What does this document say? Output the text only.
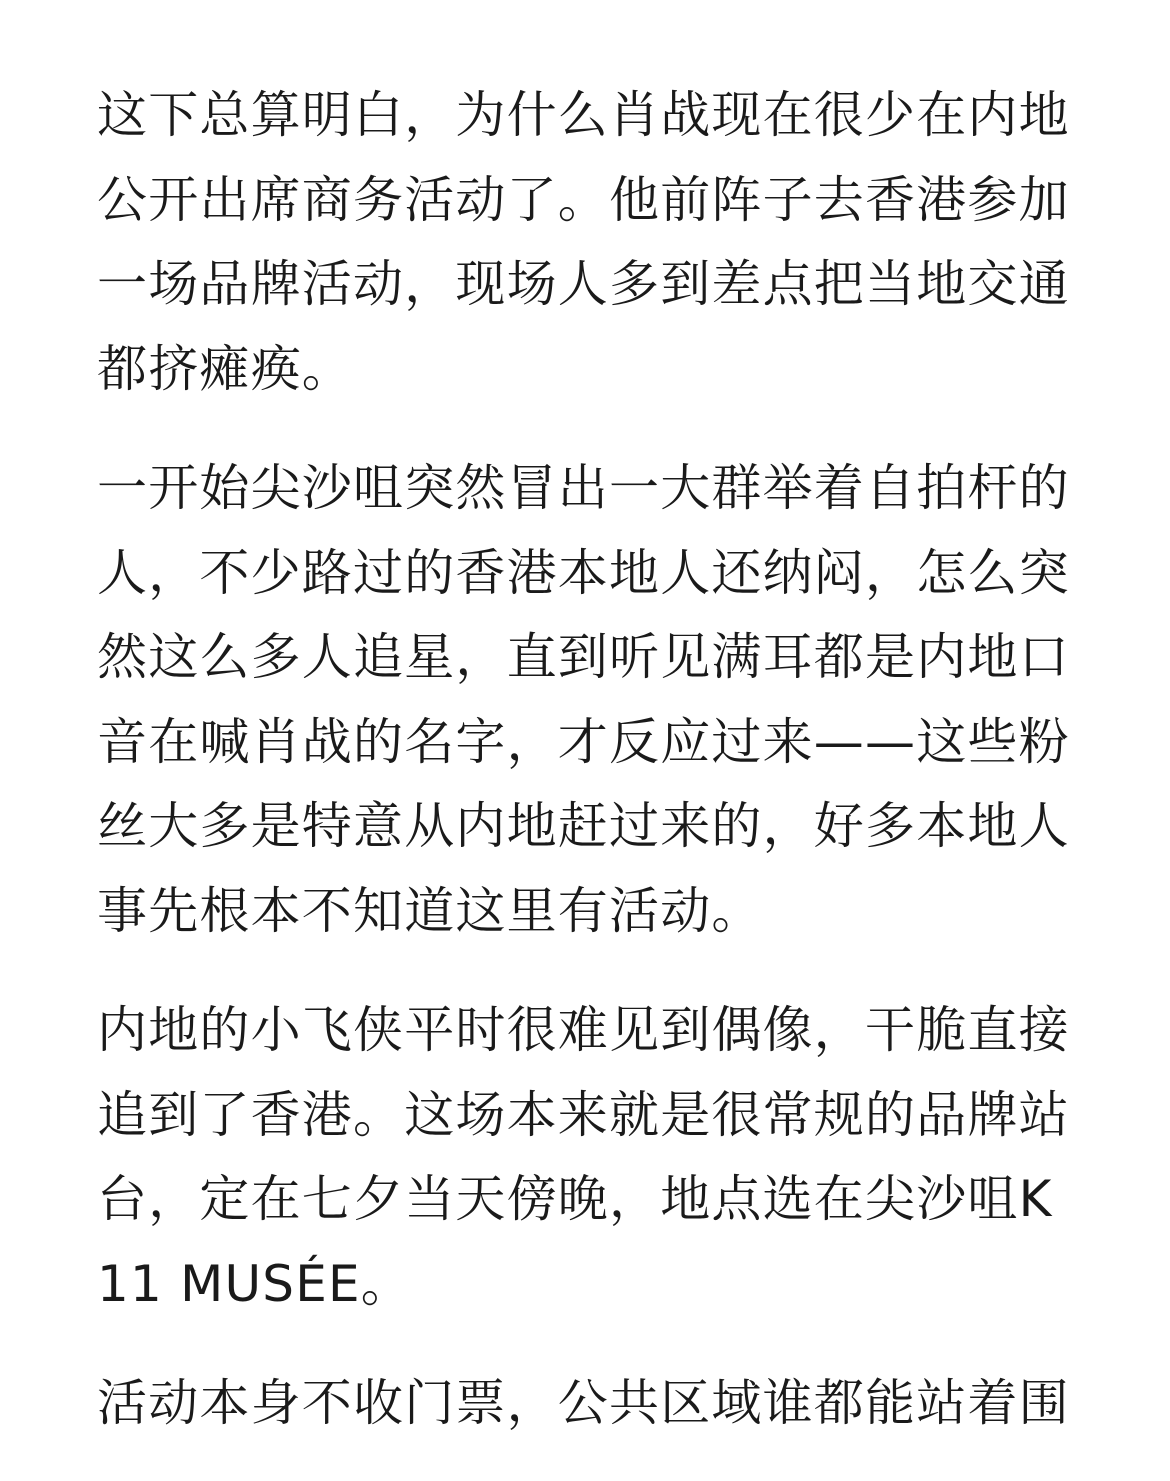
这下总算明白，为什么肖战现在很少在内地公开出席商务活动了。他前阵子去香港参加一场品牌活动，现场人多到差点把当地交通都挤瘫痪。

一开始尖沙咀突然冒出一大群举着自拍杆的人，不少路过的香港本地人还纳闷，怎么突然这么多人追星，直到听见满耳都是内地口音在喊肖战的名字，才反应过来——这些粉丝大多是特意从内地赶过来的，好多本地人事先根本不知道这里有活动。

内地的小飞侠平时很难见到偶像，干脆直接追到了香港。这场本来就是很常规的品牌站台，定在七夕当天傍晚，地点选在尖沙咀K11 MUSÉE。

活动本身不收门票，公共区域谁都能站着围
